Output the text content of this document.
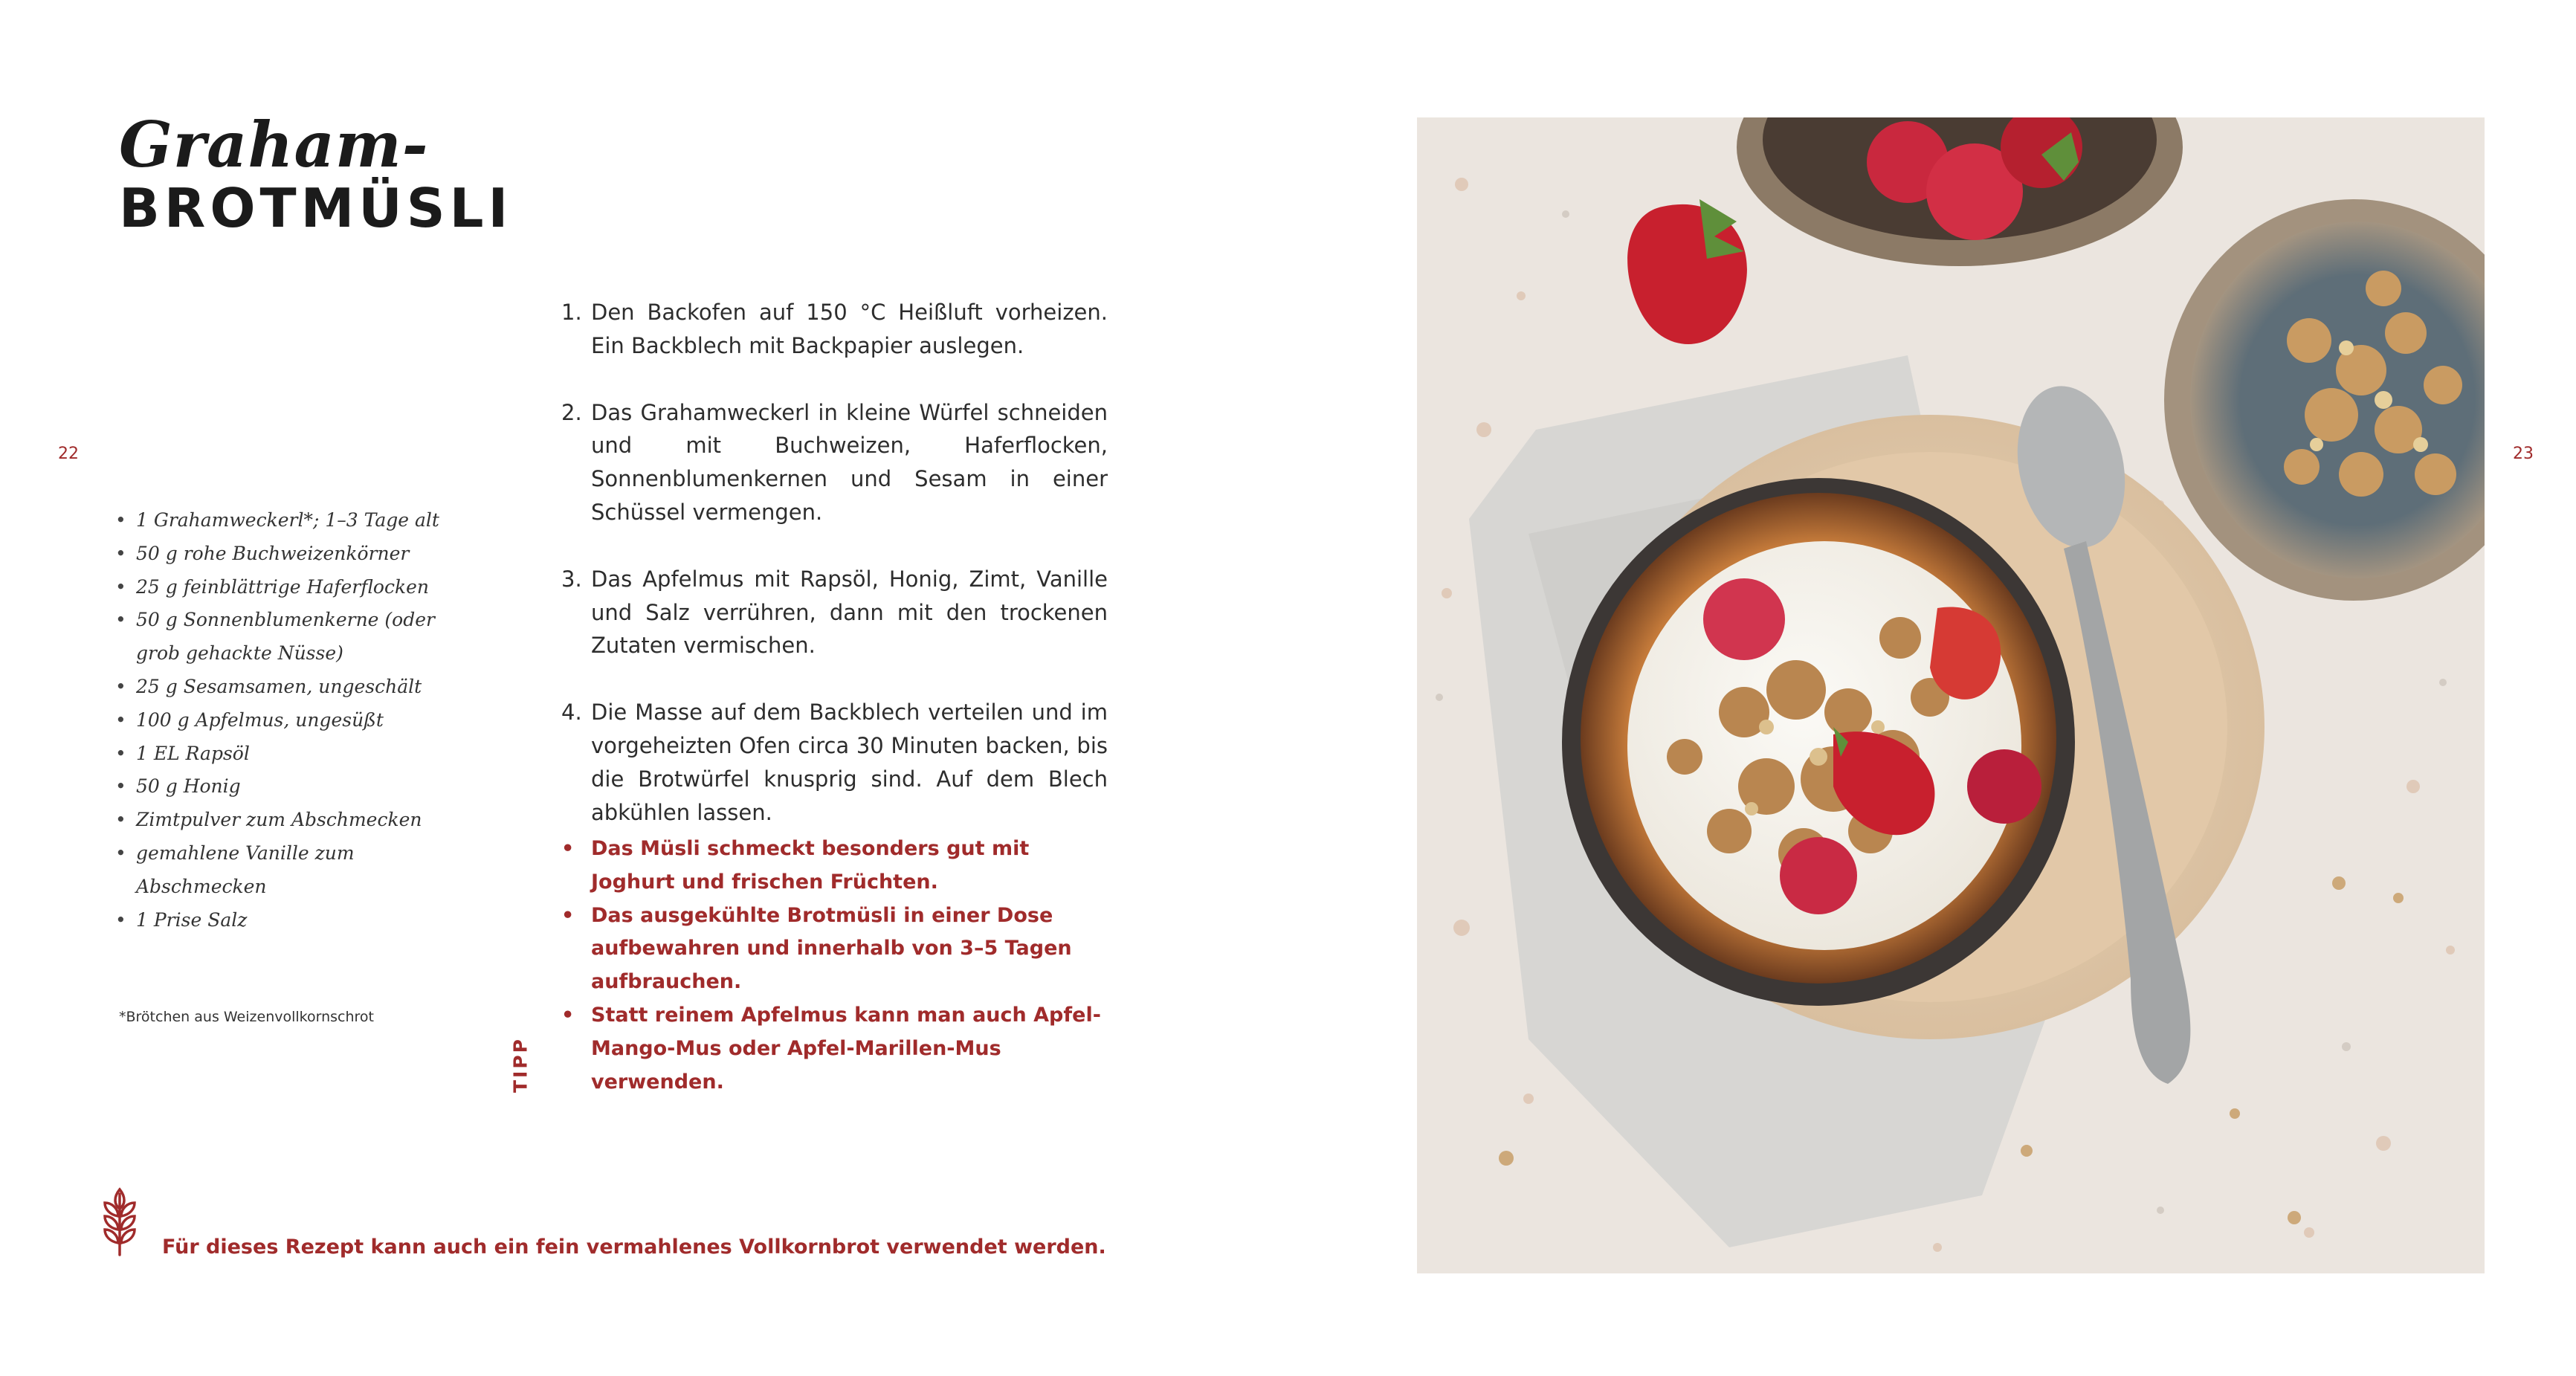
Graham-
BROTMÜSLI
22
• 1 Grahamweckerl*; 1–3 Tage alt
• 50 g rohe Buchweizenkörner
• 25 g feinblättrige Haferflocken
• 50 g Sonnenblumenkerne (oder grob gehackte Nüsse)
• 25 g Sesamsamen, ungeschält
• 100 g Apfelmus, ungesüßt
• 1 EL Rapsöl
• 50 g Honig
• Zimtpulver zum Abschmecken
• gemahlene Vanille zum Abschmecken
• 1 Prise Salz
*Brötchen aus Weizenvollkornschrot
1. Den Backofen auf 150 °C Heißluft vorheizen. Ein Backblech mit Backpapier auslegen.
2. Das Grahamweckerl in kleine Würfel schneiden und mit Buchweizen, Haferflocken, Sonnenblumenkernen und Sesam in einer Schüssel vermengen.
3. Das Apfelmus mit Rapsöl, Honig, Zimt, Vanille und Salz verrühren, dann mit den trockenen Zutaten vermischen.
4. Die Masse auf dem Backblech verteilen und im vorgeheizten Ofen circa 30 Minuten backen, bis die Brotwürfel knusprig sind. Auf dem Blech abkühlen lassen.
TIPP
• Das Müsli schmeckt besonders gut mit Joghurt und frischen Früchten.
• Das ausgekühlte Brotmüsli in einer Dose aufbewahren und innerhalb von 3–5 Tagen aufbrauchen.
• Statt reinem Apfelmus kann man auch Apfel-Mango-Mus oder Apfel-Marillen-Mus verwenden.
Für dieses Rezept kann auch ein fein vermahlenes Vollkornbrot verwendet werden.
23
